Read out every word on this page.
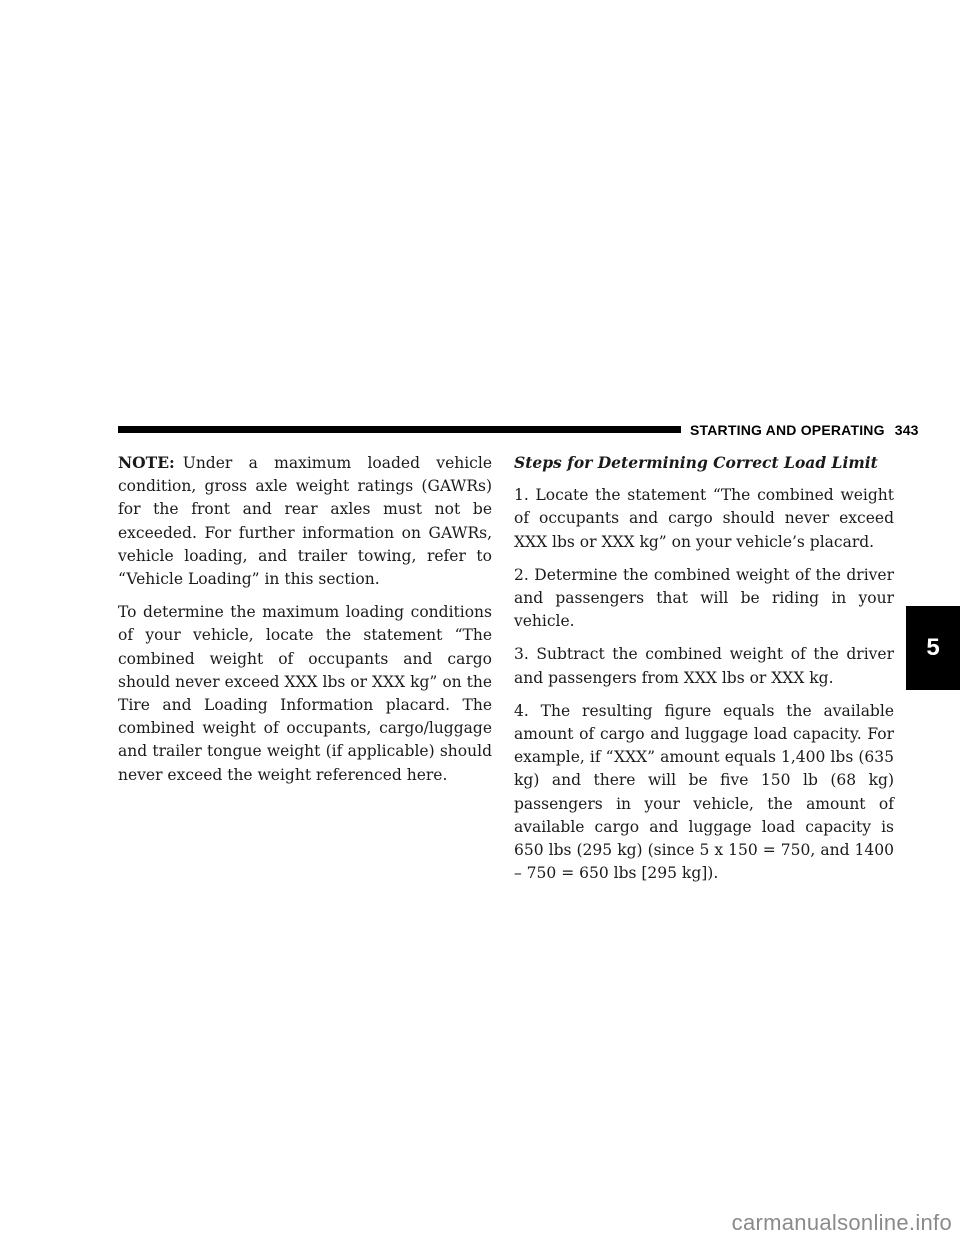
STARTING AND OPERATING 343

NOTE: Under a maximum loaded vehicle condition, gross axle weight ratings (GAWRs) for the front and rear axles must not be exceeded. For further information on GAWRs, vehicle loading, and trailer towing, refer to “Vehicle Loading” in this section.

To determine the maximum loading conditions of your vehicle, locate the statement “The combined weight of occupants and cargo should never exceed XXX lbs or XXX kg” on the Tire and Loading Information placard. The combined weight of occupants, cargo/luggage and trailer tongue weight (if applicable) should never exceed the weight referenced here.

Steps for Determining Correct Load Limit

1. Locate the statement “The combined weight of occupants and cargo should never exceed XXX lbs or XXX kg” on your vehicle’s placard.

2. Determine the combined weight of the driver and passengers that will be riding in your vehicle.

3. Subtract the combined weight of the driver and passengers from XXX lbs or XXX kg.

4. The resulting figure equals the available amount of cargo and luggage load capacity. For example, if “XXX” amount equals 1,400 lbs (635 kg) and there will be five 150 lb (68 kg) passengers in your vehicle, the amount of available cargo and luggage load capacity is 650 lbs (295 kg) (since 5 x 150 = 750, and 1400 – 750 = 650 lbs [295 kg]).

5
carmanualsonline.info
